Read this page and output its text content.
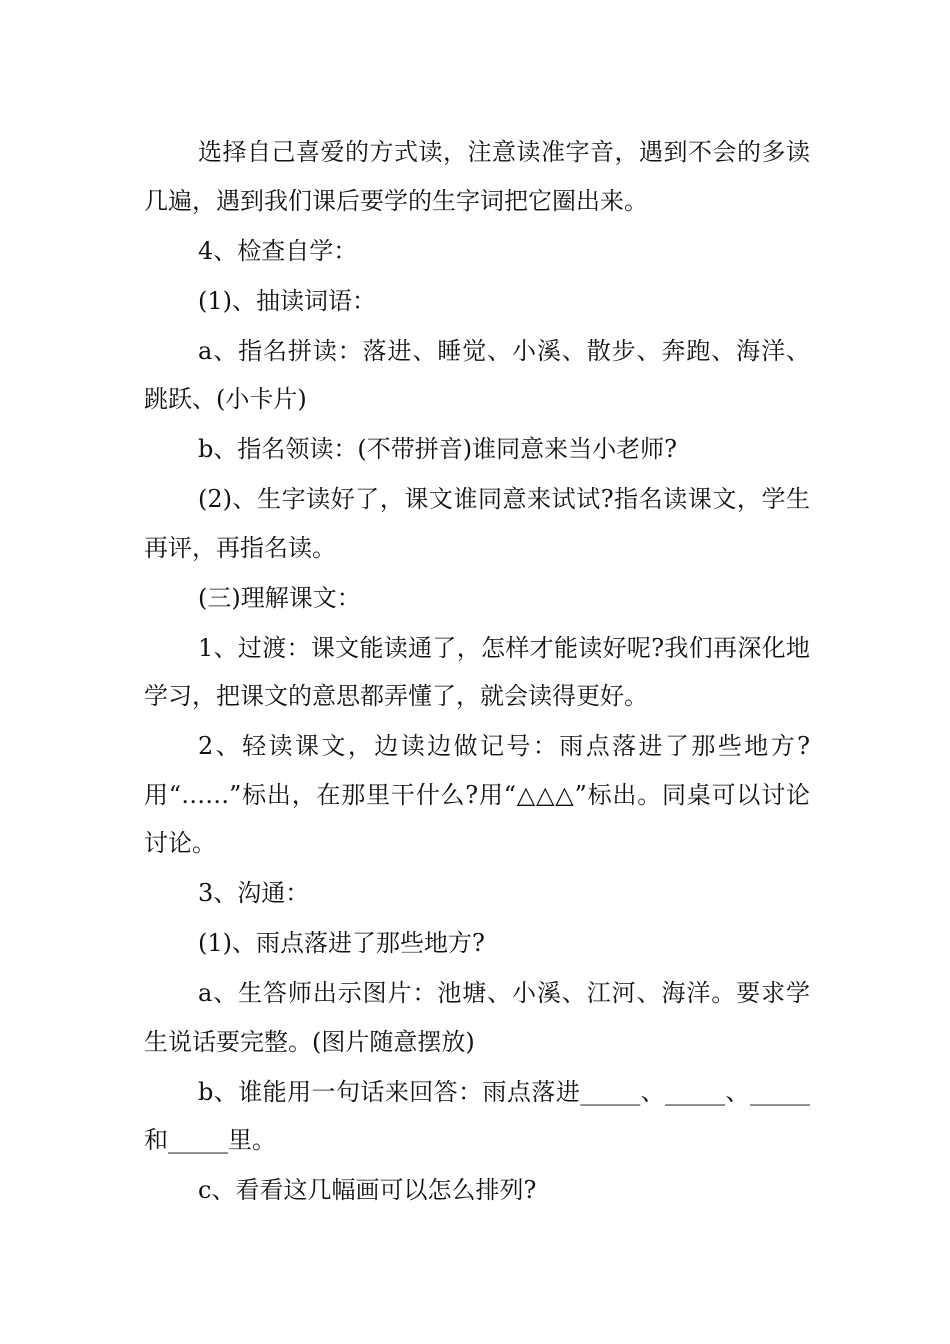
选择自己喜爱的方式读，注意读准字音，遇到不会的多读几遍，遇到我们课后要学的生字词把它圈出来。

4、检查自学：

(1)、抽读词语：

a、指名拼读：落进、睡觉、小溪、散步、奔跑、海洋、跳跃、(小卡片)

b、指名领读：(不带拼音)谁同意来当小老师?

(2)、生字读好了，课文谁同意来试试?指名读课文，学生再评，再指名读。

(三)理解课文：

1、过渡：课文能读通了，怎样才能读好呢?我们再深化地学习，把课文的意思都弄懂了，就会读得更好。

2、轻读课文，边读边做记号：雨点落进了那些地方?用“……”标出，在那里干什么?用“△△△”标出。同桌可以讨论讨论。

3、沟通：

(1)、雨点落进了那些地方?

a、生答师出示图片：池塘、小溪、江河、海洋。要求学生说话要完整。(图片随意摆放)

b、谁能用一句话来回答：雨点落进_____、_____、_____和_____里。

c、看看这几幅画可以怎么排列?
